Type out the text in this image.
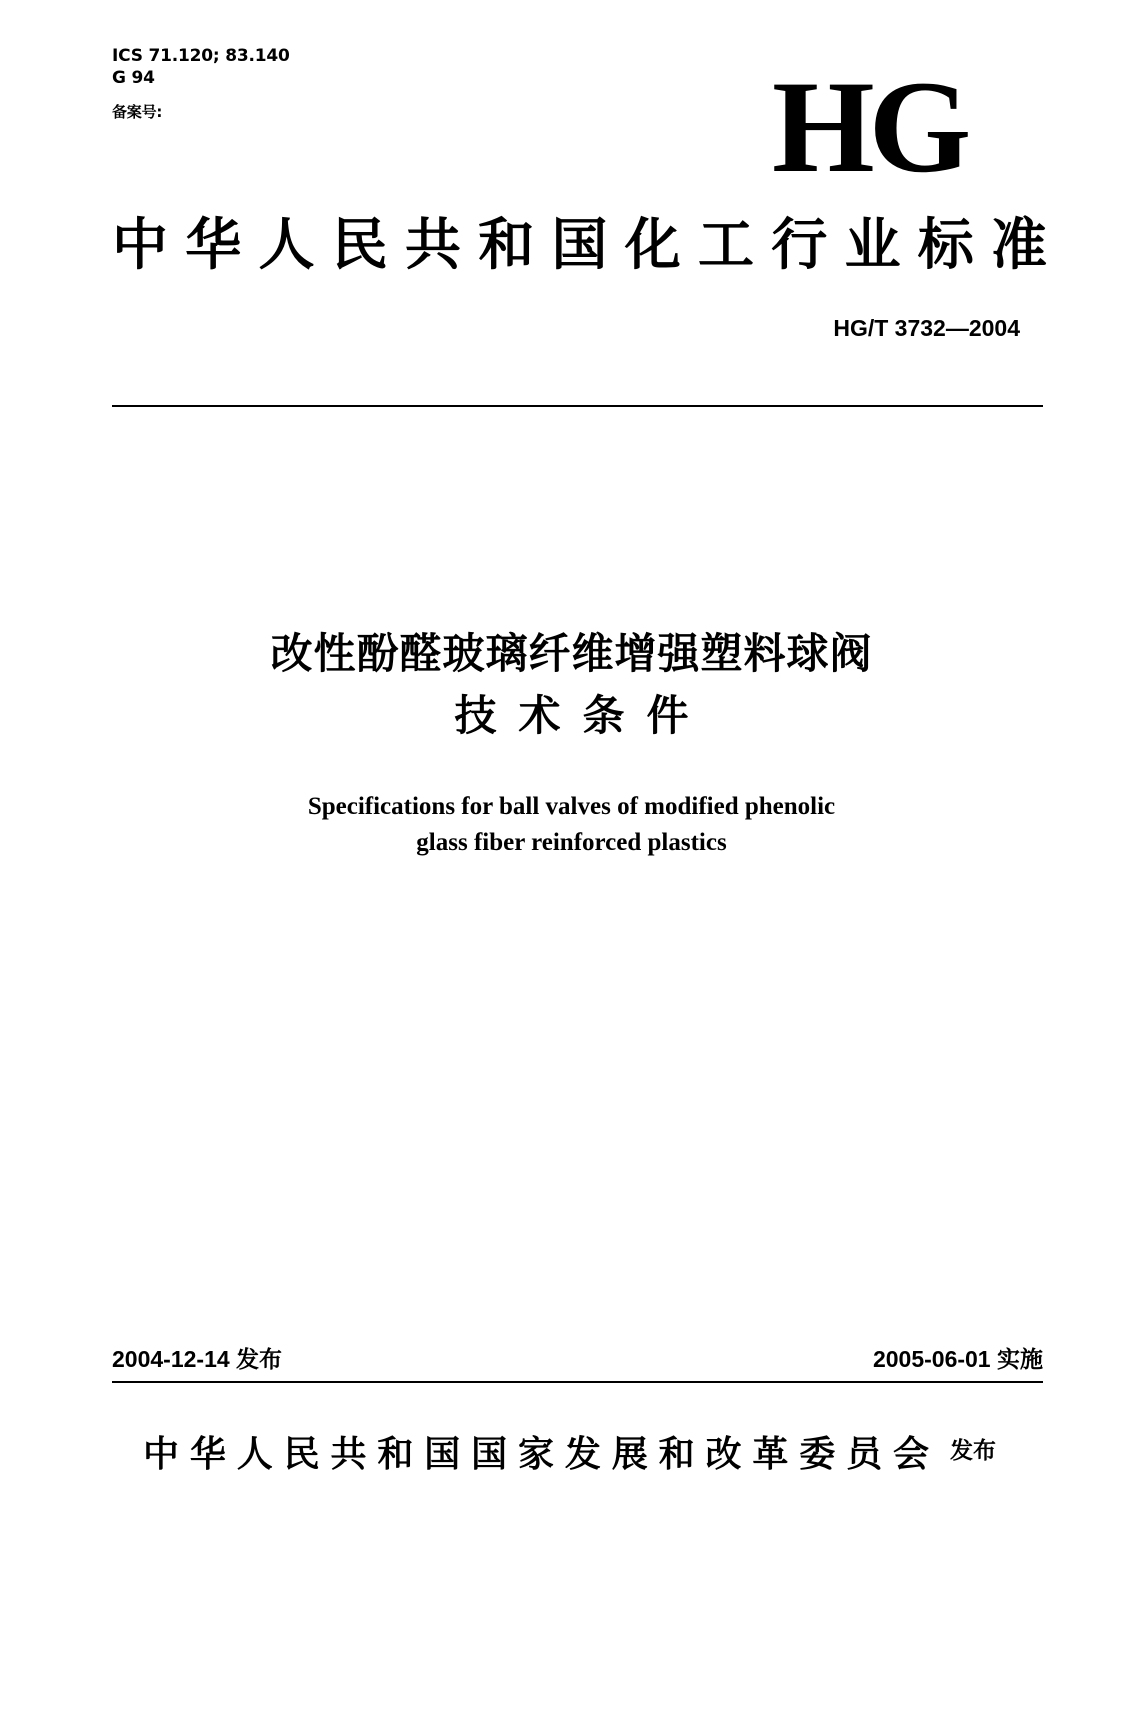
ICS 71.120; 83.140
G 94
备案号:	HG
中华人民共和国化工行业标准
HG/T 3732—2004
改性酚醛玻璃纤维增强塑料球阀
技术条件
Specifications for ball valves of modified phenolic
glass fiber reinforced plastics
2004-12-14 发布	2005-06-01 实施
中华人民共和国国家发展和改革委员会 发布
